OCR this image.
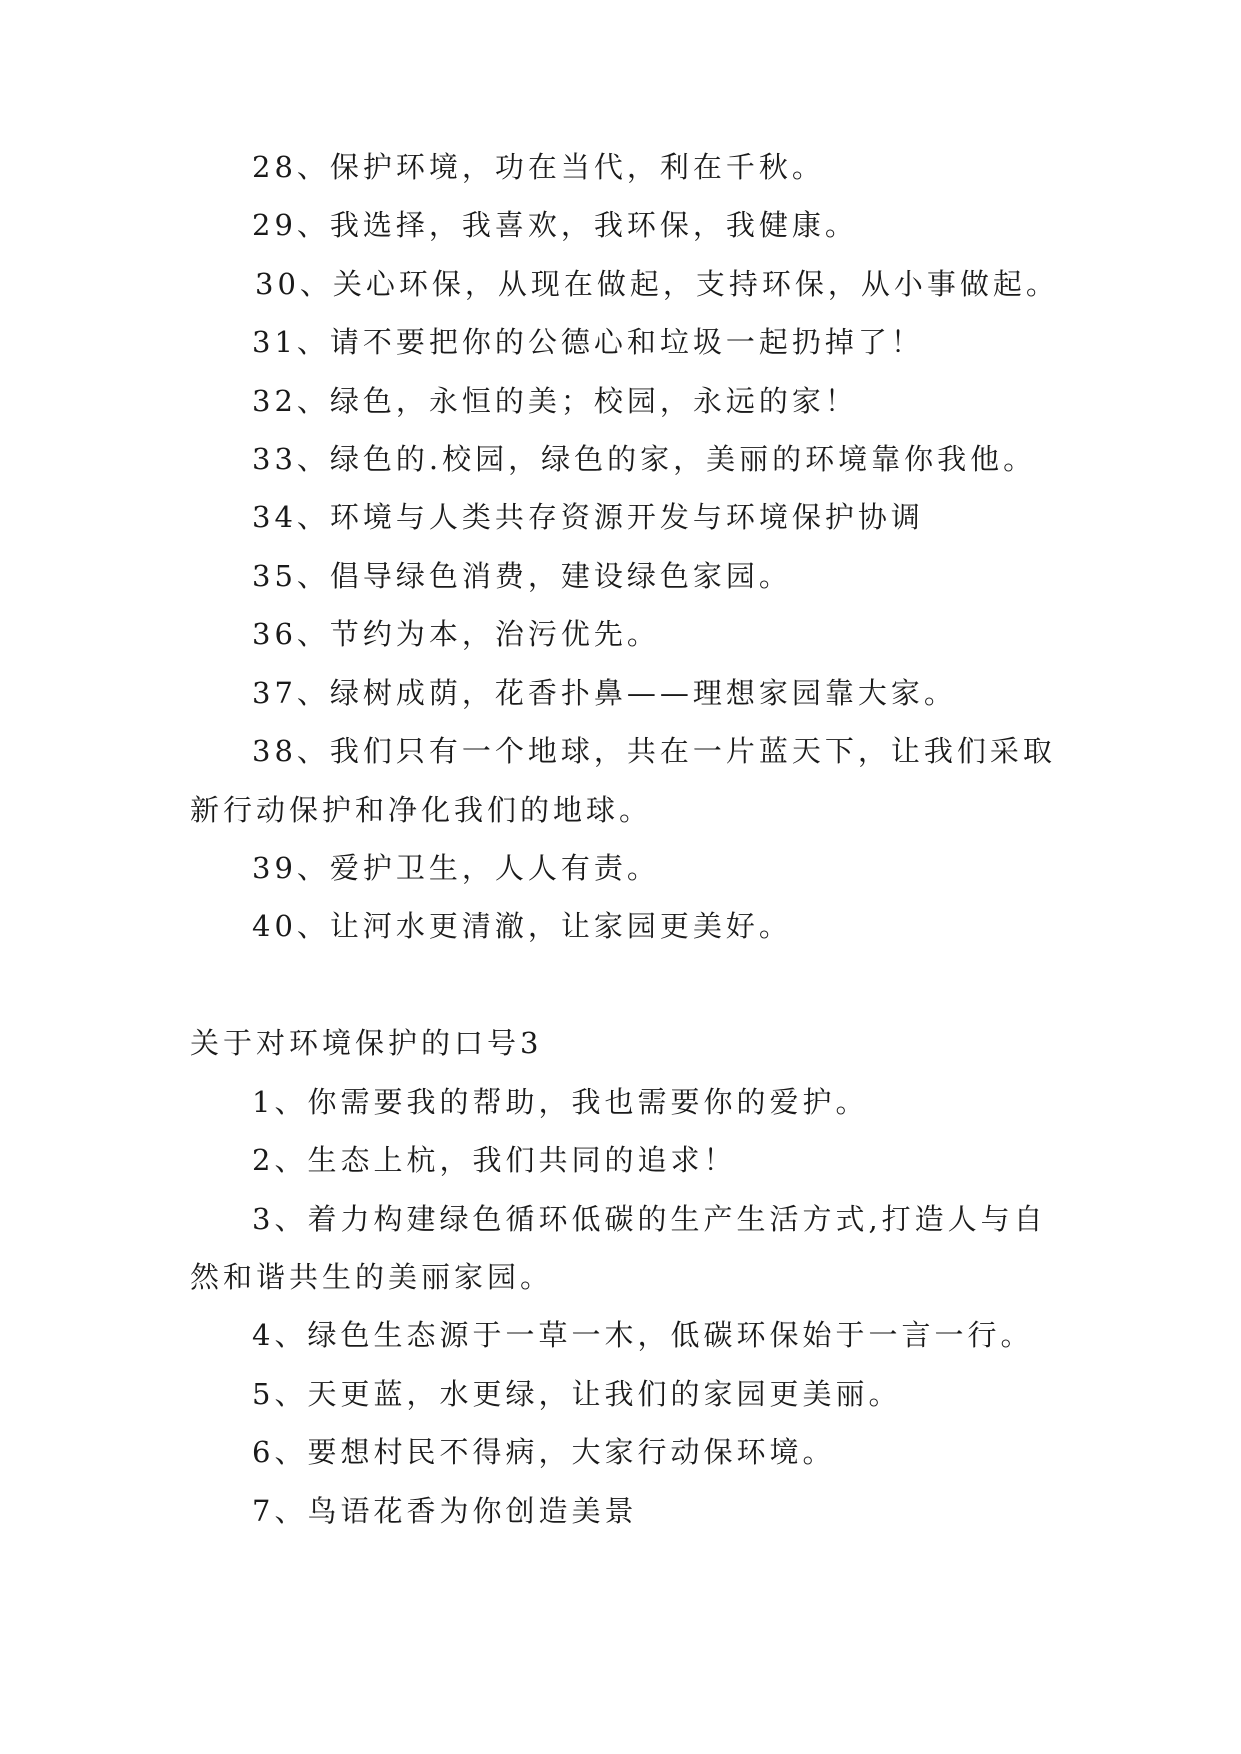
28、保护环境，功在当代，利在千秋。
29、我选择，我喜欢，我环保，我健康。
30、关心环保，从现在做起，支持环保，从小事做起。
31、请不要把你的公德心和垃圾一起扔掉了！
32、绿色，永恒的美；校园，永远的家！
33、绿色的.校园，绿色的家，美丽的环境靠你我他。
34、环境与人类共存资源开发与环境保护协调
35、倡导绿色消费，建设绿色家园。
36、节约为本，治污优先。
37、绿树成荫，花香扑鼻——理想家园靠大家。
38、我们只有一个地球，共在一片蓝天下，让我们采取
新行动保护和净化我们的地球。
39、爱护卫生，人人有责。
40、让河水更清澈，让家园更美好。
关于对环境保护的口号3
1、你需要我的帮助，我也需要你的爱护。
2、生态上杭，我们共同的追求！
3、着力构建绿色循环低碳的生产生活方式,打造人与自
然和谐共生的美丽家园。
4、绿色生态源于一草一木，低碳环保始于一言一行。
5、天更蓝，水更绿，让我们的家园更美丽。
6、要想村民不得病，大家行动保环境。
7、鸟语花香为你创造美景
